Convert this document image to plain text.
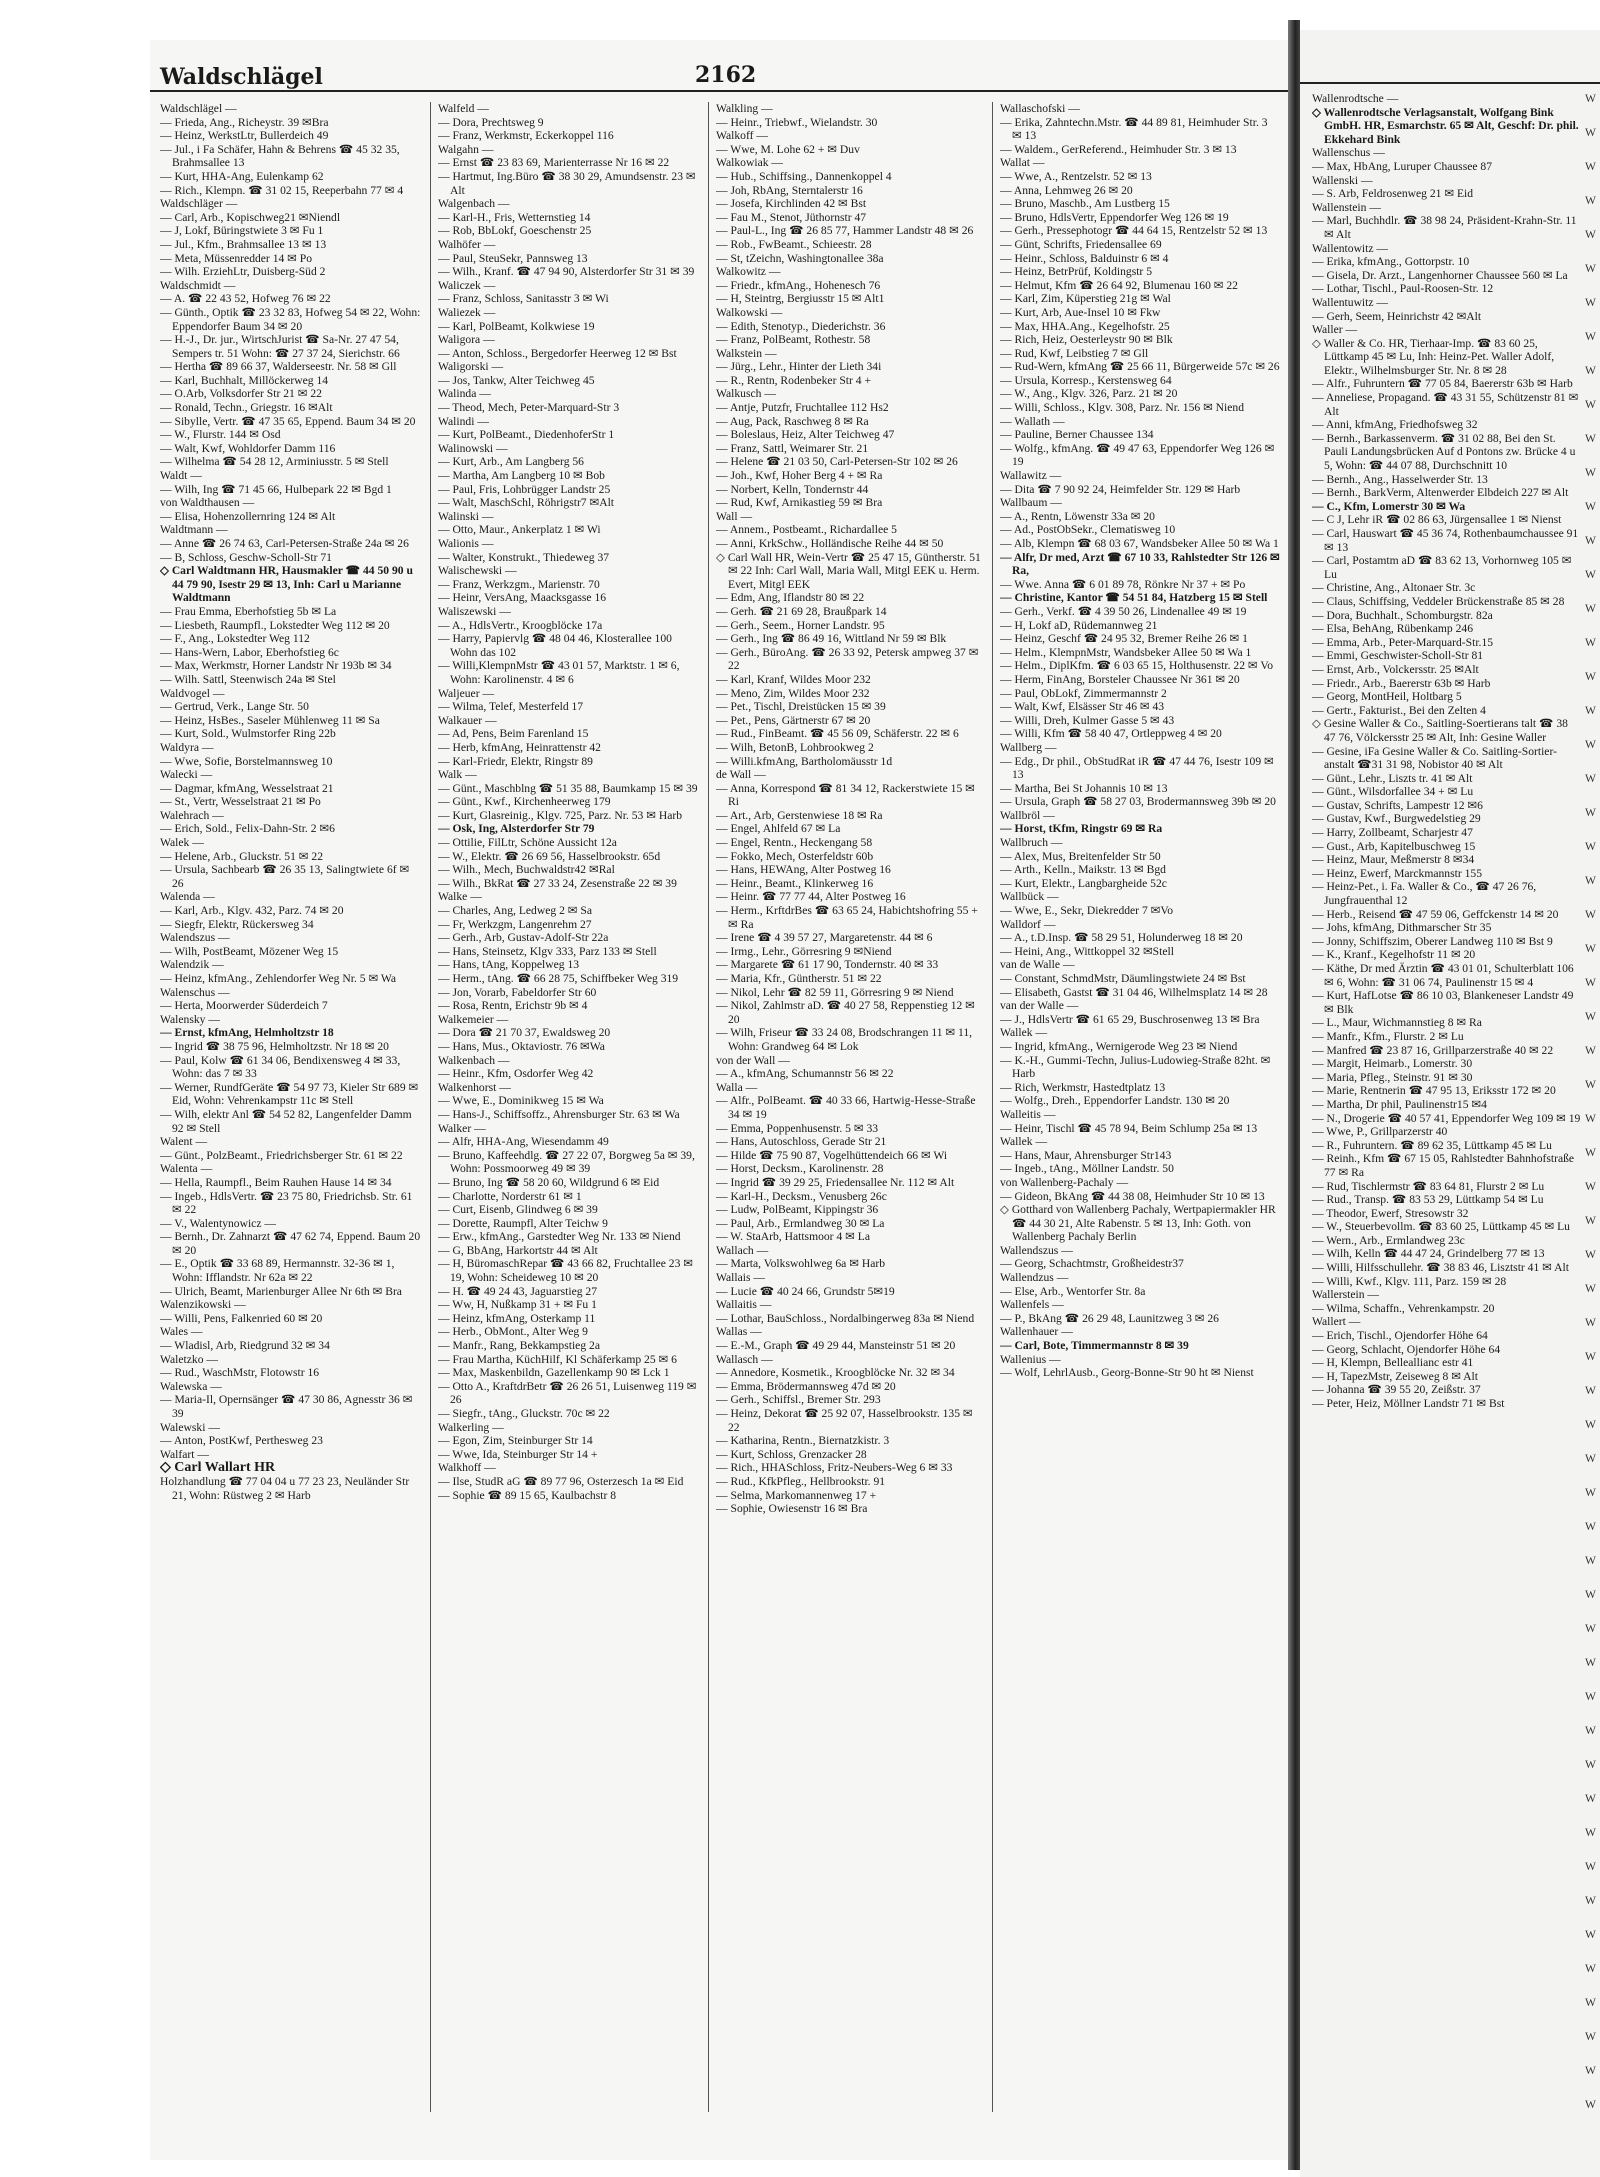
Waldschlägel	2162

Waldschlägel —

— Frieda, Ang., Richeystr. 39 ✉Bra

— Heinz, WerkstLtr, Bullerdeich 49

— Jul., i Fa Schäfer, Hahn & Behrens ☎ 45 32 35, Brahmsallee 13

— Kurt, HHA-Ang, Eulenkamp 62

— Rich., Klempn. ☎ 31 02 15, Reeperbahn 77 ✉ 4

Waldschläger —

— Carl, Arb., Kopischweg21 ✉Niendl

— J, Lokf, Büringstwiete 3 ✉ Fu 1

— Jul., Kfm., Brahmsallee 13 ✉ 13

— Meta, Müssenredder 14 ✉ Po

— Wilh. ErziehLtr, Duisberg-Süd 2

Waldschmidt —

— A. ☎ 22 43 52, Hofweg 76 ✉ 22

— Günth., Optik ☎ 23 32 83, Hofweg 54 ✉ 22, Wohn: Eppendorfer Baum 34 ✉ 20

— H.-J., Dr. jur., WirtschJurist ☎ Sa-Nr. 27 47 54, Sempers tr. 51 Wohn: ☎ 27 37 24, Sierichstr. 66

— Hertha ☎ 89 66 37, Walderseestr. Nr. 58 ✉ Gll

— Karl, Buchhalt, Millöckerweg 14

— O.Arb, Volksdorfer Str 21 ✉ 22

— Ronald, Techn., Griegstr. 16 ✉Alt

— Sibylle, Vertr. ☎ 47 35 65, Eppend. Baum 34 ✉ 20

— W., Flurstr. 144 ✉ Osd

— Walt, Kwf, Wohldorfer Damm 116

— Wilhelma ☎ 54 28 12, Arminiusstr. 5 ✉ Stell

Waldt —

— Wilh, Ing ☎ 71 45 66, Hulbepark 22 ✉ Bgd 1

von Waldthausen —

— Elisa, Hohenzollernring 124 ✉ Alt

Waldtmann —

— Anne ☎ 26 74 63, Carl-Petersen-Straße 24a ✉ 26

— B, Schloss, Geschw-Scholl-Str 71

◇ Carl Waldtmann HR, Hausmakler ☎ 44 50 90 u 44 79 90, Isestr 29 ✉ 13, Inh: Carl u Marianne Waldtmann

— Frau Emma, Eberhofstieg 5b ✉ La

— Liesbeth, Raumpfl., Lokstedter Weg 112 ✉ 20

— F., Ang., Lokstedter Weg 112

— Hans-Wern, Labor, Eberhofstieg 6c

— Max, Werkmstr, Horner Landstr Nr 193b ✉ 34

— Wilh. Sattl, Steenwisch 24a ✉ Stel

Waldvogel —

— Gertrud, Verk., Lange Str. 50

— Heinz, HsBes., Saseler Mühlenweg 11 ✉ Sa

— Kurt, Sold., Wulmstorfer Ring 22b

Waldyra —

— Wwe, Sofie, Borstelmannsweg 10

Walecki —

— Dagmar, kfmAng, Wesselstraat 21

— St., Vertr, Wesselstraat 21 ✉ Po

Walehrach —

— Erich, Sold., Felix-Dahn-Str. 2 ✉6

Walek —

— Helene, Arb., Gluckstr. 51 ✉ 22

— Ursula, Sachbearb ☎ 26 35 13, Salingtwiete 6f ✉ 26

Walenda —

— Karl, Arb., Klgv. 432, Parz. 74 ✉ 20

— Siegfr, Elektr, Rückersweg 34

Walendszus —

— Wilh, PostBeamt, Mözener Weg 15

Walendzik —

— Heinz, kfmAng., Zehlendorfer Weg Nr. 5 ✉ Wa

Walenschus —

— Herta, Moorwerder Süderdeich 7

Walensky —

— Ernst, kfmAng, Helmholtzstr 18

— Ingrid ☎ 38 75 96, Helmholtzstr. Nr 18 ✉ 20

— Paul, Kolw ☎ 61 34 06, Bendixensweg 4 ✉ 33, Wohn: das 7 ✉ 33

— Werner, RundfGeräte ☎ 54 97 73, Kieler Str 689 ✉ Eid, Wohn: Vehrenkampstr 11c ✉ Stell

— Wilh, elektr Anl ☎ 54 52 82, Langenfelder Damm 92 ✉ Stell

Walent —

— Günt., PolzBeamt., Friedrichsberger Str. 61 ✉ 22

Walenta —

— Hella, Raumpfl., Beim Rauhen Hause 14 ✉ 34

— Ingeb., HdlsVertr. ☎ 23 75 80, Friedrichsb. Str. 61 ✉ 22

— V., Walentynowicz —

— Bernh., Dr. Zahnarzt ☎ 47 62 74, Eppend. Baum 20 ✉ 20

— E., Optik ☎ 33 68 89, Hermannstr. 32-36 ✉ 1, Wohn: Ifflandstr. Nr 62a ✉ 22

— Ulrich, Beamt, Marienburger Allee Nr 6th ✉ Bra

Walenzikowski —

— Willi, Pens, Falkenried 60 ✉ 20

Wales —

— Wladisl, Arb, Riedgrund 32 ✉ 34

Waletzko —

— Rud., WaschMstr, Flotowstr 16

Walewska —

— Maria-Il, Opernsänger ☎ 47 30 86, Agnesstr 36 ✉ 39

Walewski —

— Anton, PostKwf, Perthesweg 23

Walfart —

◇ Carl Wallart HR

Holzhandlung ☎ 77 04 04 u 77 23 23, Neuländer Str 21, Wohn: Rüstweg 2 ✉ Harb

Walfeld —

— Dora, Prechtsweg 9

— Franz, Werkmstr, Eckerkoppel 116

Walgahn —

— Ernst ☎ 23 83 69, Marienterrasse Nr 16 ✉ 22

— Hartmut, Ing.Büro ☎ 38 30 29, Amundsenstr. 23 ✉ Alt

Walgenbach —

— Karl-H., Fris, Wetternstieg 14

— Rob, BbLokf, Goeschenstr 25

Walhöfer —

— Paul, SteuSekr, Pannsweg 13

— Wilh., Kranf. ☎ 47 94 90, Alsterdorfer Str 31 ✉ 39

Waliczek —

— Franz, Schloss, Sanitasstr 3 ✉ Wi

Waliezek —

— Karl, PolBeamt, Kolkwiese 19

Waligora —

— Anton, Schloss., Bergedorfer Heerweg 12 ✉ Bst

Waligorski —

— Jos, Tankw, Alter Teichweg 45

Walinda —

— Theod, Mech, Peter-Marquard-Str 3

Walindi —

— Kurt, PolBeamt., DiedenhoferStr 1

Walinowski —

— Kurt, Arb., Am Langberg 56

— Martha, Am Langberg 10 ✉ Bob

— Paul, Fris, Lohbrügger Landstr 25

— Walt, MaschSchl, Röhrigstr7 ✉Alt

Walinski —

— Otto, Maur., Ankerplatz 1 ✉ Wi

Walionis —

— Walter, Konstrukt., Thiedeweg 37

Walischewski —

— Franz, Werkzgm., Marienstr. 70

— Heinr, VersAng, Maacksgasse 16

Waliszewski —

— A., HdlsVertr., Kroogblöcke 17a

— Harry, Papiervlg ☎ 48 04 46, Klosterallee 100 Wohn das 102

— Willi,KlempnMstr ☎ 43 01 57, Marktstr. 1 ✉ 6, Wohn: Karolinenstr. 4 ✉ 6

Waljeuer —

— Wilma, Telef, Mesterfeld 17

Walkauer —

— Ad, Pens, Beim Farenland 15

— Herb, kfmAng, Heinrattenstr 42

— Karl-Friedr, Elektr, Ringstr 89

Walk —

— Günt., Maschblng ☎ 51 35 88, Baumkamp 15 ✉ 39

— Günt., Kwf., Kirchenheerweg 179

— Kurt, Glasreinig., Klgv. 725, Parz. Nr. 53 ✉ Harb

— Osk, Ing, Alsterdorfer Str 79

— Ottilie, FilLtr, Schöne Aussicht 12a

— W., Elektr. ☎ 26 69 56, Hasselbrookstr. 65d

— Wilh., Mech, Buchwaldstr42 ✉Ral

— Wilh., BkRat ☎ 27 33 24, Zesenstraße 22 ✉ 39

Walke —

— Charles, Ang, Ledweg 2 ✉ Sa

— Fr, Werkzgm, Langenrehm 27

— Gerh., Arb, Gustav-Adolf-Str 22a

— Hans, Steinsetz, Klgv 333, Parz 133 ✉ Stell

— Hans, tAng, Koppelweg 13

— Herm., tAng. ☎ 66 28 75, Schiffbeker Weg 319

— Jon, Vorarb, Fabeldorfer Str 60

— Rosa, Rentn, Erichstr 9b ✉ 4

Walkemeier —

— Dora ☎ 21 70 37, Ewaldsweg 20

— Hans, Mus., Oktaviostr. 76 ✉Wa

Walkenbach —

— Heinr., Kfm, Osdorfer Weg 42

Walkenhorst —

— Wwe, E., Dominikweg 15 ✉ Wa

— Hans-J., Schiffsoffz., Ahrensburger Str. 63 ✉ Wa

Walker —

— Alfr, HHA-Ang, Wiesendamm 49

— Bruno, Kaffeehdlg. ☎ 27 22 07, Borgweg 5a ✉ 39, Wohn: Possmoorweg 49 ✉ 39

— Bruno, Ing ☎ 58 20 60, Wildgrund 6 ✉ Eid

— Charlotte, Norderstr 61 ✉ 1

— Curt, Eisenb, Glindweg 6 ✉ 39

— Dorette, Raumpfl, Alter Teichw 9

— Erw., kfmAng., Garstedter Weg Nr. 133 ✉ Niend

— G, BbAng, Harkortstr 44 ✉ Alt

— H, BüromaschRepar ☎ 43 66 82, Fruchtallee 23 ✉ 19, Wohn: Scheideweg 10 ✉ 20

— H. ☎ 49 24 43, Jaguarstieg 27

— Ww, H, Nußkamp 31 + ✉ Fu 1

— Heinz, kfmAng, Osterkamp 11

— Herb., ObMont., Alter Weg 9

— Manfr., Rang, Bekkampstieg 2a

— Frau Martha, KüchHilf, Kl Schäferkamp 25 ✉ 6

— Max, Maskenbildn, Gazellenkamp 90 ✉ Lck 1

— Otto A., KraftdrBetr ☎ 26 26 51, Luisenweg 119 ✉ 26

— Siegfr., tAng., Gluckstr. 70c ✉ 22

Walkerling —

— Egon, Zim, Steinburger Str 14

— Wwe, Ida, Steinburger Str 14 +

Walkhoff —

— Ilse, StudR aG ☎ 89 77 96, Osterzesch 1a ✉ Eid

— Sophie ☎ 89 15 65, Kaulbachstr 8

Walkling —

— Heinr., Triebwf., Wielandstr. 30

Walkoff —

— Wwe, M. Lohe 62 + ✉ Duv

Walkowiak —

— Hub., Schiffsing., Dannenkoppel 4

— Joh, RbAng, Sterntalerstr 16

— Josefa, Kirchlinden 42 ✉ Bst

— Fau M., Stenot, Jüthornstr 47

— Paul-L., Ing ☎ 26 85 77, Hammer Landstr 48 ✉ 26

— Rob., FwBeamt., Schieestr. 28

— St, tZeichn, Washingtonallee 38a

Walkowitz —

— Friedr., kfmAng., Hohenesch 76

— H, Steintrg, Bergiusstr 15 ✉ Alt1

Walkowski —

— Edith, Stenotyp., Diederichstr. 36

— Franz, PolBeamt, Rothestr. 58

Walkstein —

— Jürg., Lehr., Hinter der Lieth 34i

— R., Rentn, Rodenbeker Str 4 +

Walkusch —

— Antje, Putzfr, Fruchtallee 112 Hs2

— Aug, Pack, Raschweg 8 ✉ Ra

— Boleslaus, Heiz, Alter Teichweg 47

— Franz, Sattl, Weimarer Str. 21

— Helene ☎ 21 03 50, Carl-Petersen-Str 102 ✉ 26

— Joh., Kwf, Hoher Berg 4 + ✉ Ra

— Norbert, Kelln, Tondernstr 44

— Rud, Kwf, Arnikastieg 59 ✉ Bra

Wall —

— Annem., Postbeamt., Richardallee 5

— Anni, KrkSchw., Holländische Reihe 44 ✉ 50

◇ Carl Wall HR, Wein-Vertr ☎ 25 47 15, Güntherstr. 51 ✉ 22 Inh: Carl Wall, Maria Wall, Mitgl EEK u. Herm. Evert, Mitgl EEK

— Edm, Ang, Iflandstr 80 ✉ 22

— Gerh. ☎ 21 69 28, Braußpark 14

— Gerh., Seem., Horner Landstr. 95

— Gerh., Ing ☎ 86 49 16, Wittland Nr 59 ✉ Blk

— Gerh., BüroAng. ☎ 26 33 92, Petersk ampweg 37 ✉ 22

— Karl, Kranf, Wildes Moor 232

— Meno, Zim, Wildes Moor 232

— Pet., Tischl, Dreistücken 15 ✉ 39

— Pet., Pens, Gärtnerstr 67 ✉ 20

— Rud., FinBeamt. ☎ 45 56 09, Schäferstr. 22 ✉ 6

— Wilh, BetonB, Lohbrookweg 2

— Willi.kfmAng, Bartholomäusstr 1d

de Wall —

— Anna, Korrespond ☎ 81 34 12, Rackerstwiete 15 ✉ Ri

— Art., Arb, Gerstenwiese 18 ✉ Ra

— Engel, Ahlfeld 67 ✉ La

— Engel, Rentn., Heckengang 58

— Fokko, Mech, Osterfeldstr 60b

— Hans, HEWAng, Alter Postweg 16

— Heinr., Beamt., Klinkerweg 16

— Heinr. ☎ 77 77 44, Alter Postweg 16

— Herm., KrftdrBes ☎ 63 65 24, Habichtshofring 55 + ✉ Ra

— Irene ☎ 4 39 57 27, Margaretenstr. 44 ✉ 6

— Irmg., Lehr., Görresring 9 ✉Niend

— Margarete ☎ 61 17 90, Tondernstr. 40 ✉ 33

— Maria, Kfr., Güntherstr. 51 ✉ 22

— Nikol, Lehr ☎ 82 59 11, Görresring 9 ✉ Niend

— Nikol, Zahlmstr aD. ☎ 40 27 58, Reppenstieg 12 ✉ 20

— Wilh, Friseur ☎ 33 24 08, Brodschrangen 11 ✉ 11, Wohn: Grandweg 64 ✉ Lok

von der Wall —

— A., kfmAng, Schumannstr 56 ✉ 22

Walla —

— Alfr., PolBeamt. ☎ 40 33 66, Hartwig-Hesse-Straße 34 ✉ 19

— Emma, Poppenhusenstr. 5 ✉ 33

— Hans, Autoschloss, Gerade Str 21

— Hilde ☎ 75 90 87, Vogelhüttendeich 66 ✉ Wi

— Horst, Decksm., Karolinenstr. 28

— Ingrid ☎ 39 29 25, Friedensallee Nr. 112 ✉ Alt

— Karl-H., Decksm., Venusberg 26c

— Ludw, PolBeamt, Kippingstr 36

— Paul, Arb., Ermlandweg 30 ✉ La

— W. StaArb, Hattsmoor 4 ✉ La

Wallach —

— Marta, Volkswohlweg 6a ✉ Harb

Wallais —

— Lucie ☎ 40 24 66, Grundstr 5✉19

Wallaitis —

— Lothar, BauSchloss., Nordalbingerweg 83a ✉ Niend

Wallas —

— E.-M., Graph ☎ 49 29 44, Mansteinstr 51 ✉ 20

Wallasch —

— Annedore, Kosmetik., Kroogblöcke Nr. 32 ✉ 34

— Emma, Brödermannsweg 47d ✉ 20

— Gerh., Schiffsl., Bremer Str. 293

— Heinz, Dekorat ☎ 25 92 07, Hasselbrookstr. 135 ✉ 22

— Katharina, Rentn., Biernatzkistr. 3

— Kurt, Schloss, Grenzacker 28

— Rich., HHASchloss, Fritz-Neubers-Weg 6 ✉ 33

— Rud., KfkPfleg., Hellbrookstr. 91

— Selma, Markomannenweg 17 +

— Sophie, Owiesenstr 16 ✉ Bra

Wallaschofski —

— Erika, Zahntechn.Mstr. ☎ 44 89 81, Heimhuder Str. 3 ✉ 13

— Waldem., GerReferend., Heimhuder Str. 3 ✉ 13

Wallat —

— Wwe, A., Rentzelstr. 52 ✉ 13

— Anna, Lehmweg 26 ✉ 20

— Bruno, Maschb., Am Lustberg 15

— Bruno, HdlsVertr, Eppendorfer Weg 126 ✉ 19

— Gerh., Pressephotogr ☎ 44 64 15, Rentzelstr 52 ✉ 13

— Günt, Schrifts, Friedensallee 69

— Heinr., Schloss, Balduinstr 6 ✉ 4

— Heinz, BetrPrüf, Koldingstr 5

— Helmut, Kfm ☎ 26 64 92, Blumenau 160 ✉ 22

— Karl, Zim, Küperstieg 21g ✉ Wal

— Kurt, Arb, Aue-Insel 10 ✉ Fkw

— Max, HHA.Ang., Kegelhofstr. 25

— Rich, Heiz, Oesterleystr 90 ✉ Blk

— Rud, Kwf, Leibstieg 7 ✉ Gll

— Rud-Wern, kfmAng ☎ 25 66 11, Bürgerweide 57c ✉ 26

— Ursula, Korresp., Kerstensweg 64

— W., Ang., Klgv. 326, Parz. 21 ✉ 20

— Willi, Schloss., Klgv. 308, Parz. Nr. 156 ✉ Niend

— Wallath —

— Pauline, Berner Chaussee 134

— Wolfg., kfmAng. ☎ 49 47 63, Eppendorfer Weg 126 ✉ 19

Wallawitz —

— Dita ☎ 7 90 92 24, Heimfelder Str. 129 ✉ Harb

Wallbaum —

— A., Rentn, Löwenstr 33a ✉ 20

— Ad., PostObSekr., Clematisweg 10

— Alb, Klempn ☎ 68 03 67, Wandsbeker Allee 50 ✉ Wa 1

— Alfr, Dr med, Arzt ☎ 67 10 33, Rahlstedter Str 126 ✉ Ra,

— Wwe. Anna ☎ 6 01 89 78, Rönkre Nr 37 + ✉ Po

— Christine, Kantor ☎ 54 51 84, Hatzberg 15 ✉ Stell

— Gerh., Verkf. ☎ 4 39 50 26, Lindenallee 49 ✉ 19

— H, Lokf aD, Rüdemannweg 21

— Heinz, Geschf ☎ 24 95 32, Bremer Reihe 26 ✉ 1

— Helm., KlempnMstr, Wandsbeker Allee 50 ✉ Wa 1

— Helm., DiplKfm. ☎ 6 03 65 15, Holthusenstr. 22 ✉ Vo

— Herm, FinAng, Borsteler Chaussee Nr 361 ✉ 20

— Paul, ObLokf, Zimmermannstr 2

— Walt, Kwf, Elsässer Str 46 ✉ 43

— Willi, Dreh, Kulmer Gasse 5 ✉ 43

— Willi, Kfm ☎ 58 40 47, Ortleppweg 4 ✉ 20

Wallberg —

— Edg., Dr phil., ObStudRat iR ☎ 47 44 76, Isestr 109 ✉ 13

— Martha, Bei St Johannis 10 ✉ 13

— Ursula, Graph ☎ 58 27 03, Brodermannsweg 39b ✉ 20

Wallbröl —

— Horst, tKfm, Ringstr 69 ✉ Ra

Wallbruch —

— Alex, Mus, Breitenfelder Str 50

— Arth., Kelln., Maikstr. 13 ✉ Bgd

— Kurt, Elektr., Langbargheide 52c

Wallbück —

— Wwe, E., Sekr, Diekredder 7 ✉Vo

Walldorf —

— A., t.D.Insp. ☎ 58 29 51, Holunderweg 18 ✉ 20

— Heini, Ang., Wittkoppel 32 ✉Stell

van de Walle —

— Constant, SchmdMstr, Däumlingstwiete 24 ✉ Bst

— Elisabeth, Gastst ☎ 31 04 46, Wilhelmsplatz 14 ✉ 28

van der Walle —

— J., HdlsVertr ☎ 61 65 29, Buschrosenweg 13 ✉ Bra

Wallek —

— Ingrid, kfmAng., Wernigerode Weg 23 ✉ Niend

— K.-H., Gummi-Techn, Julius-Ludowieg-Straße 82ht. ✉ Harb

— Rich, Werkmstr, Hastedtplatz 13

— Wolfg., Dreh., Eppendorfer Landstr. 130 ✉ 20

Walleitis —

— Heinr, Tischl ☎ 45 78 94, Beim Schlump 25a ✉ 13

Wallek —

— Hans, Maur, Ahrensburger Str143

— Ingeb., tAng., Möllner Landstr. 50

von Wallenberg-Pachaly —

— Gideon, BkAng ☎ 44 38 08, Heimhuder Str 10 ✉ 13

◇ Gotthard von Wallenberg Pachaly, Wertpapiermakler HR ☎ 44 30 21, Alte Rabenstr. 5 ✉ 13, Inh: Goth. von Wallenberg Pachaly Berlin

Wallendszus —

— Georg, Schachtmstr, Großheidestr37

Wallendzus —

— Else, Arb., Wentorfer Str. 8a

Wallenfels —

— P., BkAng ☎ 26 29 48, Launitzweg 3 ✉ 26

Wallenhauer —

— Carl, Bote, Timmermannstr 8 ✉ 39

Wallenius —

— Wolf, LehrlAusb., Georg-Bonne-Str 90 ht ✉ Nienst

Wallenrodtsche —

◇ Wallenrodtsche Verlagsanstalt, Wolfgang Bink GmbH. HR, Esmarchstr. 65 ✉ Alt, Geschf: Dr. phil. Ekkehard Bink

Wallenschus —

— Max, HbAng, Luruper Chaussee 87

Wallenski —

— S. Arb, Feldrosenweg 21 ✉ Eid

Wallenstein —

— Marl, Buchhdlr. ☎ 38 98 24, Präsident-Krahn-Str. 11 ✉ Alt

Wallentowitz —

— Erika, kfmAng., Gottorpstr. 10

— Gisela, Dr. Arzt., Langenhorner Chaussee 560 ✉ La

— Lothar, Tischl., Paul-Roosen-Str. 12

Wallentuwitz —

— Gerh, Seem, Heinrichstr 42 ✉Alt

Waller —

◇ Waller & Co. HR, Tierhaar-Imp. ☎ 83 60 25, Lüttkamp 45 ✉ Lu, Inh: Heinz-Pet. Waller Adolf, Elektr., Wilhelmsburger Str. Nr. 8 ✉ 28

— Alfr., Fuhruntern ☎ 77 05 84, Baererstr 63b ✉ Harb

— Anneliese, Propagand. ☎ 43 31 55, Schützenstr 81 ✉ Alt

— Anni, kfmAng, Friedhofsweg 32

— Bernh., Barkassenverm. ☎ 31 02 88, Bei den St. Pauli Landungsbrücken Auf d Pontons zw. Brücke 4 u 5, Wohn: ☎ 44 07 88, Durchschnitt 10

— Bernh., Ang., Hasselwerder Str. 13

— Bernh., BarkVerm, Altenwerder Elbdeich 227 ✉ Alt

— C., Kfm, Lomerstr 30 ✉ Wa

— C J, Lehr iR ☎ 02 86 63, Jürgensallee 1 ✉ Nienst

— Carl, Hauswart ☎ 45 36 74, Rothenbaumchaussee 91 ✉ 13

— Carl, Postamtm aD ☎ 83 62 13, Vorhornweg 105 ✉ Lu

— Christine, Ang., Altonaer Str. 3c

— Claus, Schiffsing, Veddeler Brückenstraße 85 ✉ 28

— Dora, Buchhalt., Schomburgstr. 82a

— Elsa, BehAng, Rübenkamp 246

— Emma, Arb., Peter-Marquard-Str.15

— Emmi, Geschwister-Scholl-Str 81

— Ernst, Arb., Volckersstr. 25 ✉Alt

— Friedr., Arb., Baererstr 63b ✉ Harb

— Georg, MontHeil, Holtbarg 5

— Gertr., Fakturist., Bei den Zelten 4

◇ Gesine Waller & Co., Saitling-Soertierans talt ☎ 38 47 76, Völckersstr 25 ✉ Alt, Inh: Gesine Waller

— Gesine, iFa Gesine Waller & Co. Saitling-Sortier-anstalt ☎31 31 98, Nobistor 40 ✉ Alt

— Günt., Lehr., Liszts tr. 41 ✉ Alt

— Günt., Wilsdorfallee 34 + ✉ Lu

— Gustav, Schrifts, Lampestr 12 ✉6

— Gustav, Kwf., Burgwedelstieg 29

— Harry, Zollbeamt, Scharjestr 47

— Gust., Arb, Kapitelbuschweg 15

— Heinz, Maur, Meßmerstr 8 ✉34

— Heinz, Ewerf, Marckmannstr 155

— Heinz-Pet., i. Fa. Waller & Co., ☎ 47 26 76, Jungfrauenthal 12

— Herb., Reisend ☎ 47 59 06, Geffckenstr 14 ✉ 20

— Johs, kfmAng, Dithmarscher Str 35

— Jonny, Schiffszim, Oberer Landweg 110 ✉ Bst 9

— K., Kranf., Kegelhofstr 11 ✉ 20

— Käthe, Dr med Ärztin ☎ 43 01 01, Schulterblatt 106 ✉ 6, Wohn: ☎ 31 06 74, Paulinenstr 15 ✉ 4

— Kurt, HafLotse ☎ 86 10 03, Blankeneser Landstr 49 ✉ Blk

— L., Maur, Wichmannstieg 8 ✉ Ra

— Manfr., Kfm., Flurstr. 2 ✉ Lu

— Manfred ☎ 23 87 16, Grillparzerstraße 40 ✉ 22

— Margit, Heimarb., Lomerstr. 30

— Maria, Pfleg., Steinstr. 91 ✉ 30

— Marie, Rentnerin ☎ 47 95 13, Eriksstr 172 ✉ 20

— Martha, Dr phil, Paulinenstr15 ✉4

— N., Drogerie ☎ 40 57 41, Eppendorfer Weg 109 ✉ 19

— Wwe, P., Grillparzerstr 40

— R., Fuhruntern. ☎ 89 62 35, Lüttkamp 45 ✉ Lu

— Reinh., Kfm ☎ 67 15 05, Rahlstedter Bahnhofstraße 77 ✉ Ra

— Rud, Tischlermstr ☎ 83 64 81, Flurstr 2 ✉ Lu

— Rud., Transp. ☎ 83 53 29, Lüttkamp 54 ✉ Lu

— Theodor, Ewerf, Stresowstr 32

— W., Steuerbevollm. ☎ 83 60 25, Lüttkamp 45 ✉ Lu

— Wern., Arb., Ermlandweg 23c

— Wilh, Kelln ☎ 44 47 24, Grindelberg 77 ✉ 13

— Willi, Hilfsschullehr. ☎ 38 83 46, Lisztstr 41 ✉ Alt

— Willi, Kwf., Klgv. 111, Parz. 159 ✉ 28

Wallerstein —

— Wilma, Schaffn., Vehrenkampstr. 20

Wallert —

— Erich, Tischl., Ojendorfer Höhe 64

— Georg, Schlacht, Ojendorfer Höhe 64

— H, Klempn, Belleallianc estr 41

— H, TapezMstr, Zeiseweg 8 ✉ Alt

— Johanna ☎ 39 55 20, Zeißstr. 37

— Peter, Heiz, Möllner Landstr 71 ✉ Bst

W
W
W
W
W
W
W
W
W
W
W
W
W
W
W
W
W
W
W
W
W
W
W
W
W
W
W
W
W
W
W
W
W
W
W
W
W
W
W
W
W
W
W
W
W
W
W
W
W
W
W
W
W
W
W
W
W
W
W
W
